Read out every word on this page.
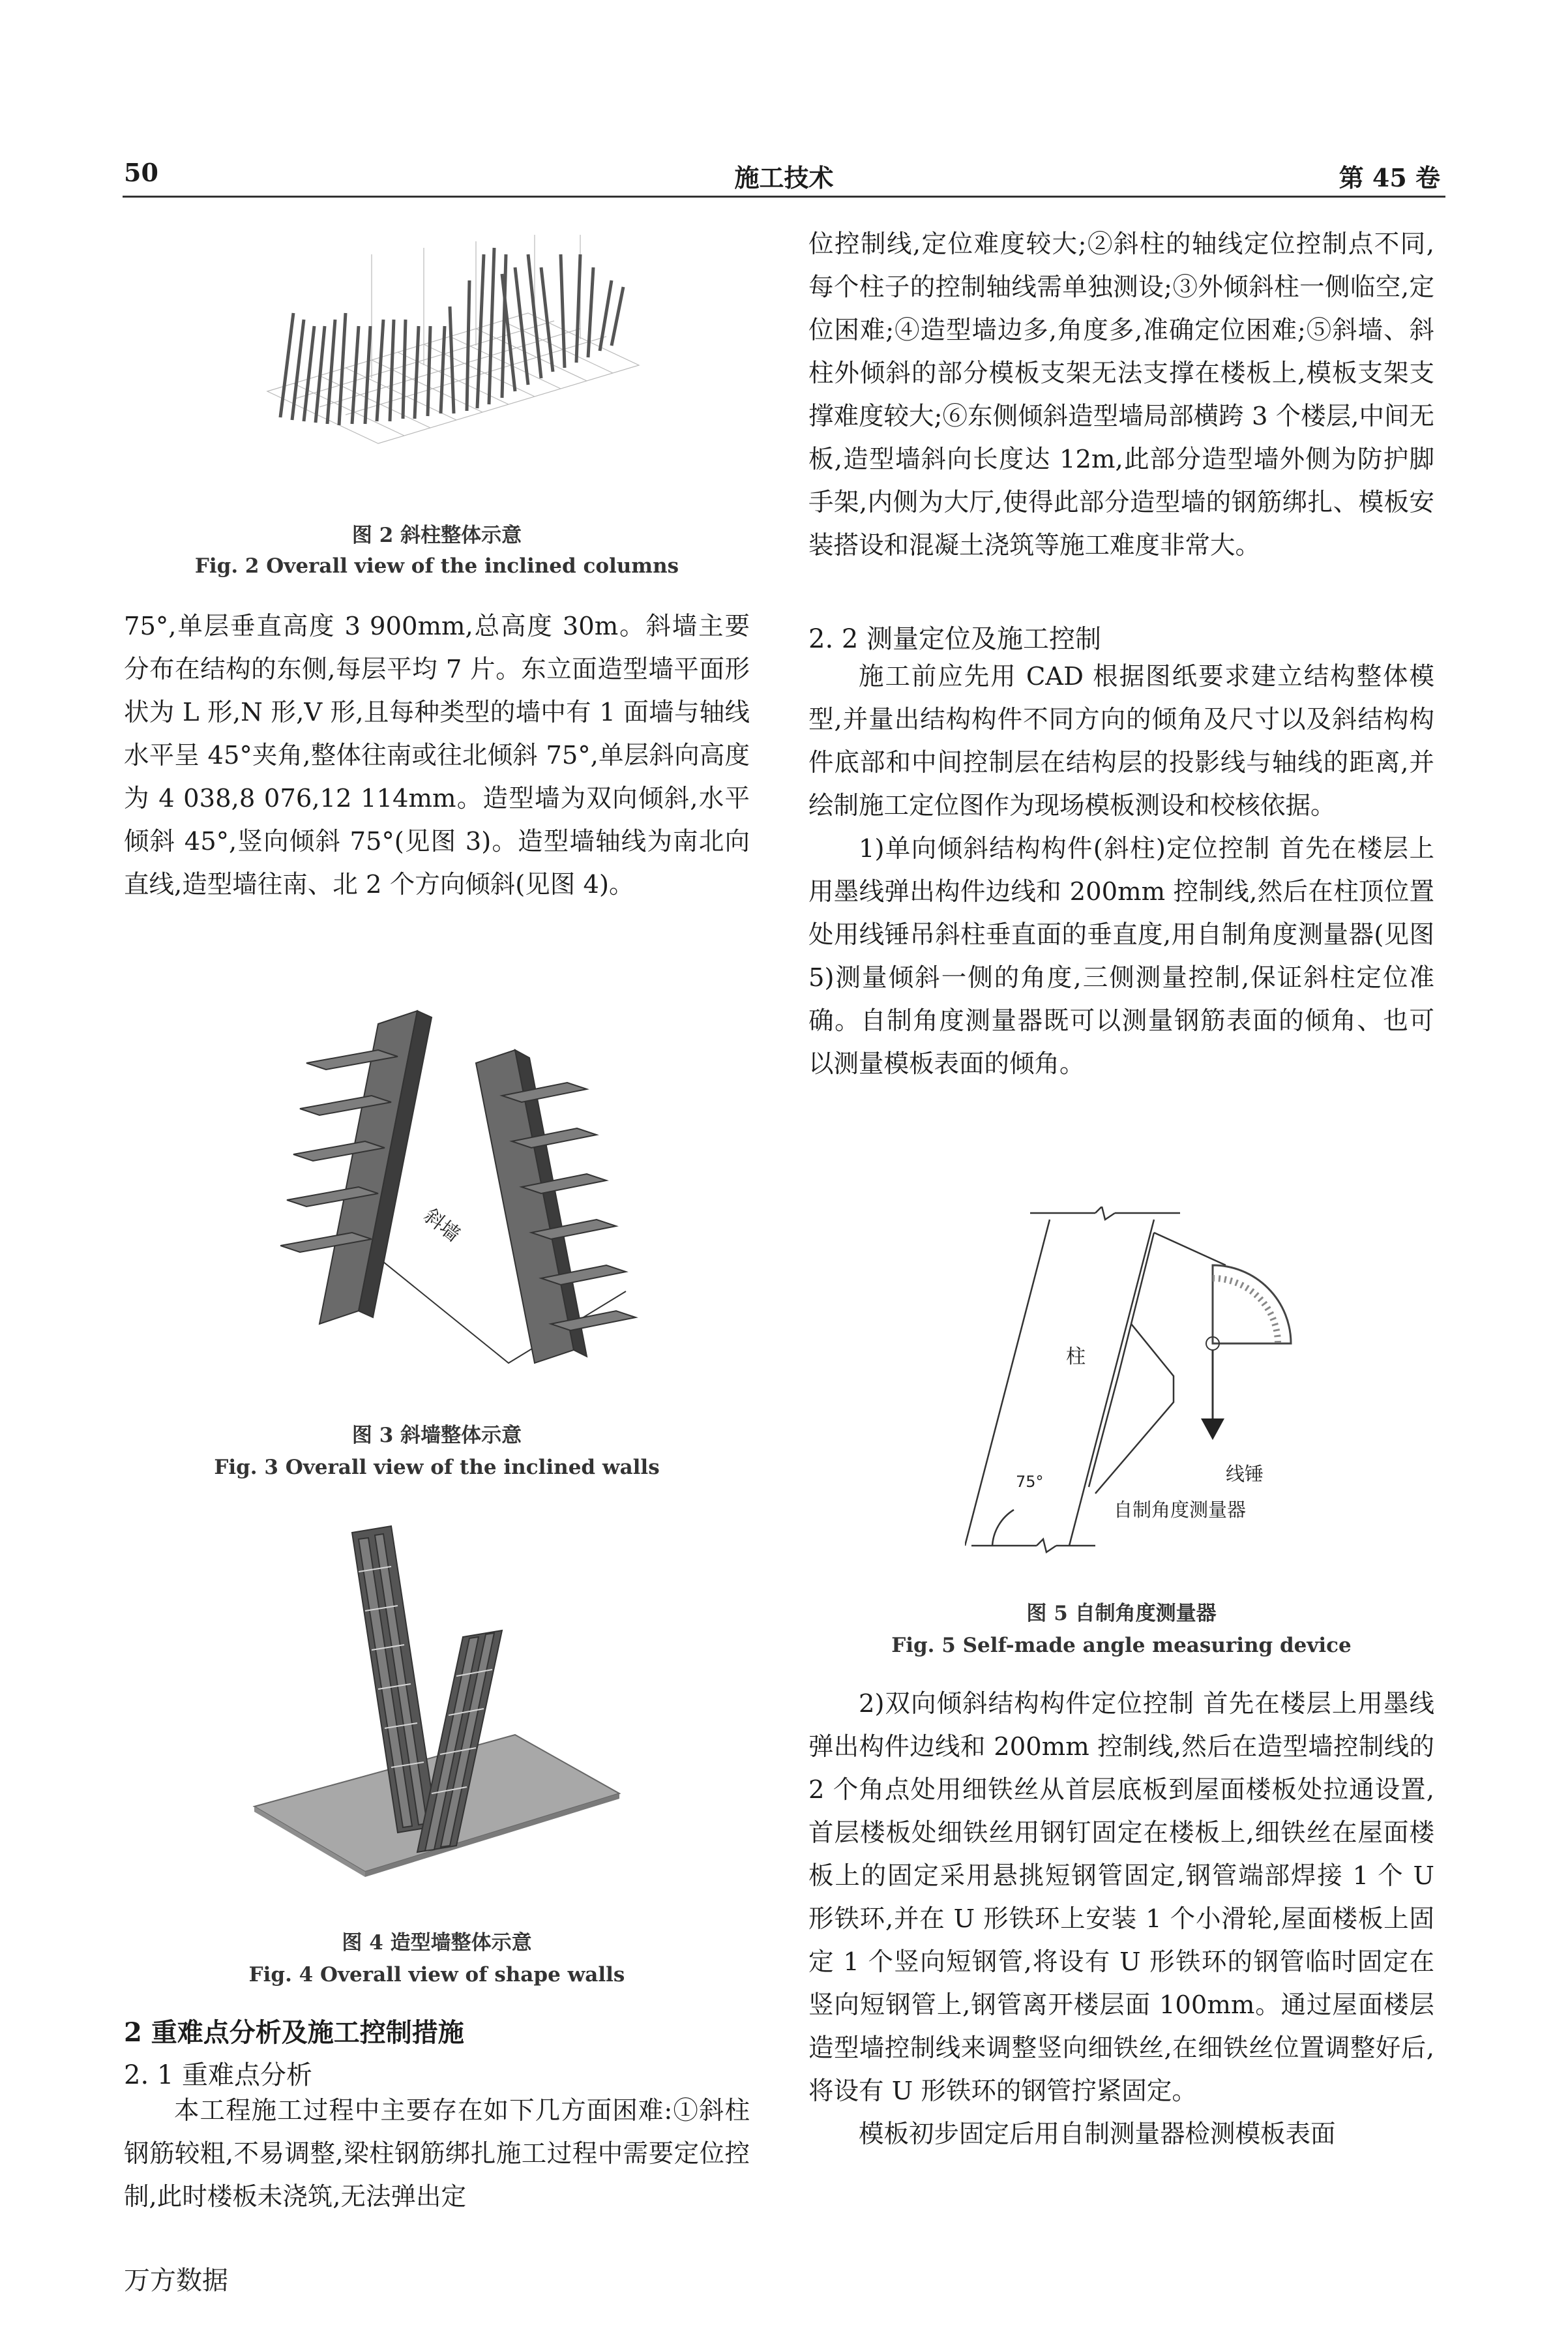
50	施工技术	第 45 卷
图 2 斜柱整体示意
Fig. 2 Overall view of the inclined columns

75°,单层垂直高度 3 900mm,总高度 30m。斜墙主要分布在结构的东侧,每层平均 7 片。东立面造型墙平面形状为 L 形,N 形,V 形,且每种类型的墙中有 1 面墙与轴线水平呈 45°夹角,整体往南或往北倾斜 75°,单层斜向高度为 4 038,8 076,12 114mm。造型墙为双向倾斜,水平倾斜 45°,竖向倾斜 75°(见图 3)。造型墙轴线为南北向直线,造型墙往南、北 2 个方向倾斜(见图 4)。

斜墙
图 3 斜墙整体示意
Fig. 3 Overall view of the inclined walls
图 4 造型墙整体示意
Fig. 4 Overall view of shape walls
2 重难点分析及施工控制措施
2. 1 重难点分析

本工程施工过程中主要存在如下几方面困难:①斜柱钢筋较粗,不易调整,梁柱钢筋绑扎施工过程中需要定位控制,此时楼板未浇筑,无法弹出定

位控制线,定位难度较大;②斜柱的轴线定位控制点不同,每个柱子的控制轴线需单独测设;③外倾斜柱一侧临空,定位困难;④造型墙边多,角度多,准确定位困难;⑤斜墙、斜柱外倾斜的部分模板支架无法支撑在楼板上,模板支架支撑难度较大;⑥东侧倾斜造型墙局部横跨 3 个楼层,中间无板,造型墙斜向长度达 12m,此部分造型墙外侧为防护脚手架,内侧为大厅,使得此部分造型墙的钢筋绑扎、模板安装搭设和混凝土浇筑等施工难度非常大。

2. 2 测量定位及施工控制

施工前应先用 CAD 根据图纸要求建立结构整体模型,并量出结构构件不同方向的倾角及尺寸以及斜结构构件底部和中间控制层在结构层的投影线与轴线的距离,并绘制施工定位图作为现场模板测设和校核依据。

1)单向倾斜结构构件(斜柱)定位控制 首先在楼层上用墨线弹出构件边线和 200mm 控制线,然后在柱顶位置处用线锤吊斜柱垂直面的垂直度,用自制角度测量器(见图 5)测量倾斜一侧的角度,三侧测量控制,保证斜柱定位准确。自制角度测量器既可以测量钢筋表面的倾角、也可以测量模板表面的倾角。

柱
75°	线锤
自制角度测量器
图 5 自制角度测量器
Fig. 5 Self-made angle measuring device

2)双向倾斜结构构件定位控制 首先在楼层上用墨线弹出构件边线和 200mm 控制线,然后在造型墙控制线的 2 个角点处用细铁丝从首层底板到屋面楼板处拉通设置,首层楼板处细铁丝用钢钉固定在楼板上,细铁丝在屋面楼板上的固定采用悬挑短钢管固定,钢管端部焊接 1 个 U 形铁环,并在 U 形铁环上安装 1 个小滑轮,屋面楼板上固定 1 个竖向短钢管,将设有 U 形铁环的钢管临时固定在竖向短钢管上,钢管离开楼层面 100mm。通过屋面楼层造型墙控制线来调整竖向细铁丝,在细铁丝位置调整好后,将设有 U 形铁环的钢管拧紧固定。

模板初步固定后用自制测量器检测模板表面

万方数据
